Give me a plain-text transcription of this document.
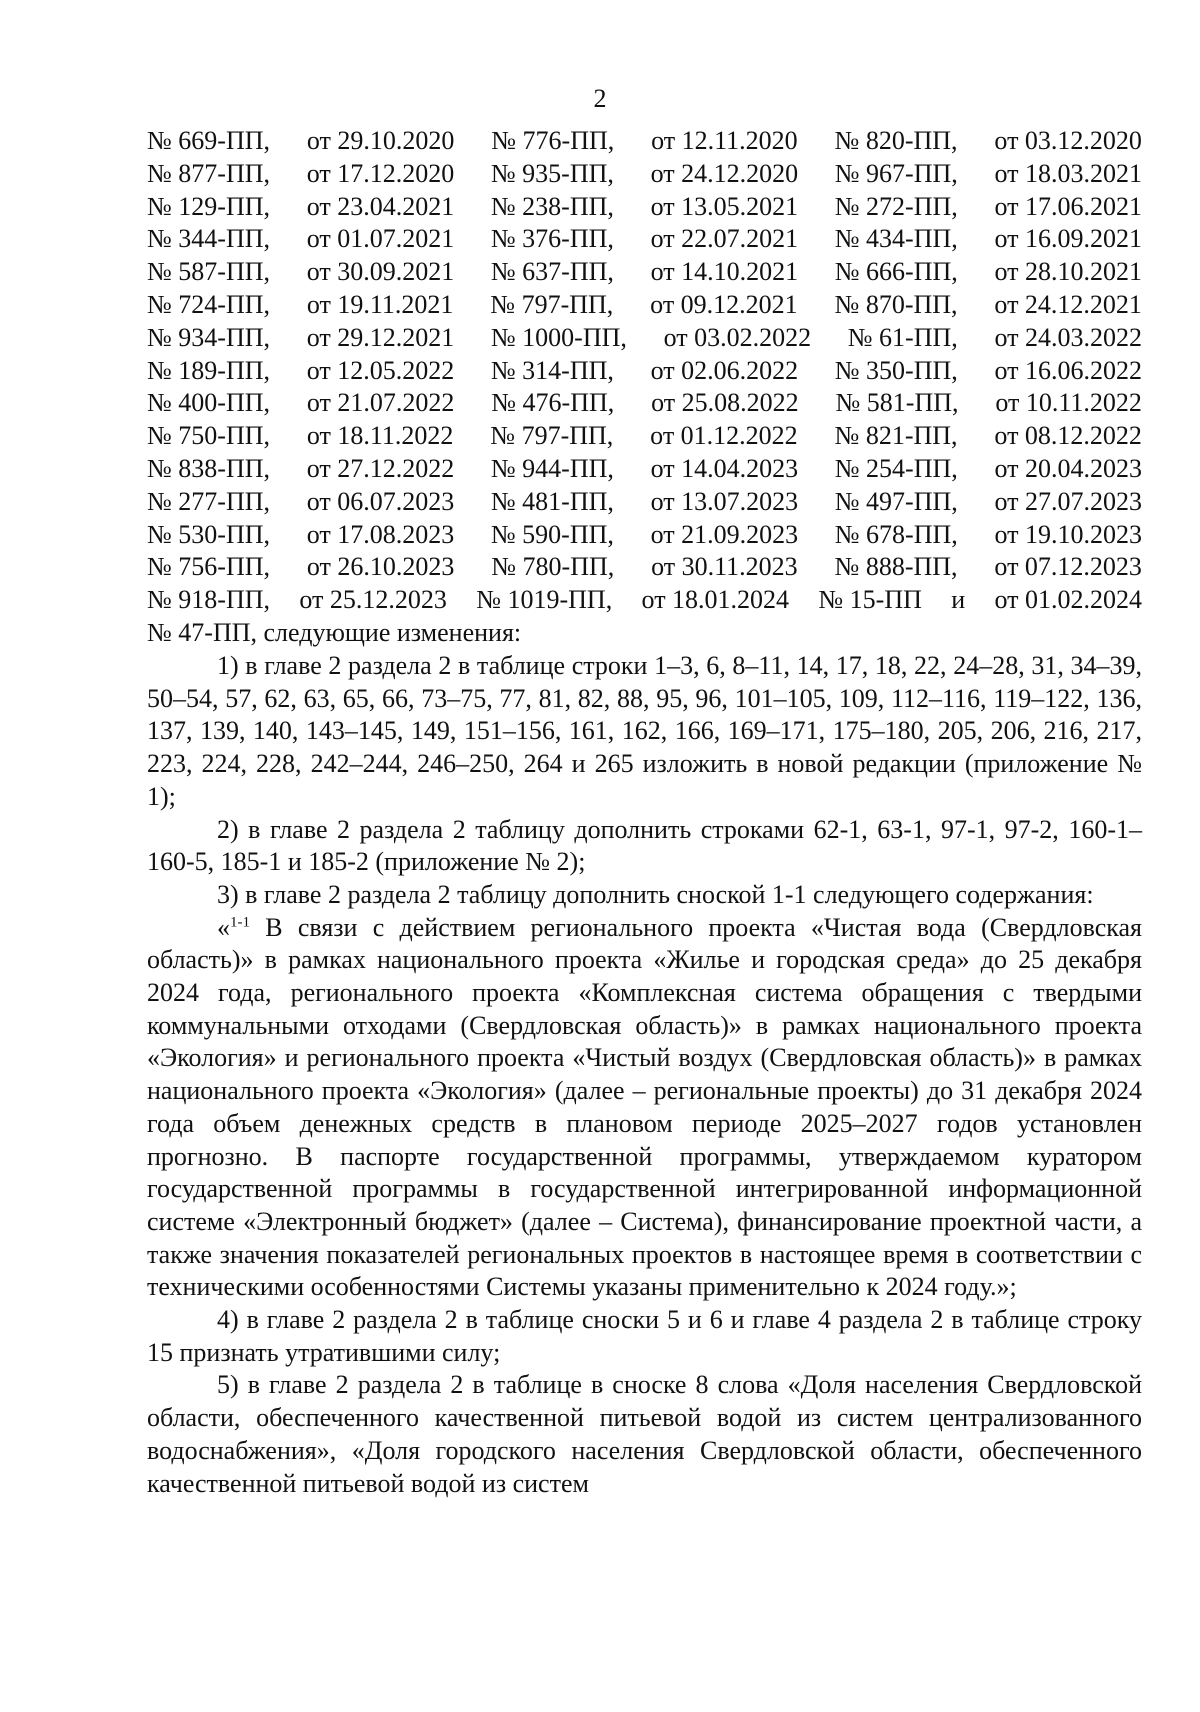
2
№ 669-ПП, от 29.10.2020 № 776-ПП, от 12.11.2020 № 820-ПП, от 03.12.2020
№ 877-ПП, от 17.12.2020 № 935-ПП, от 24.12.2020 № 967-ПП, от 18.03.2021
№ 129-ПП, от 23.04.2021 № 238-ПП, от 13.05.2021 № 272-ПП, от 17.06.2021
№ 344-ПП, от 01.07.2021 № 376-ПП, от 22.07.2021 № 434-ПП, от 16.09.2021
№ 587-ПП, от 30.09.2021 № 637-ПП, от 14.10.2021 № 666-ПП, от 28.10.2021
№ 724-ПП, от 19.11.2021 № 797-ПП, от 09.12.2021 № 870-ПП, от 24.12.2021
№ 934-ПП, от 29.12.2021 № 1000-ПП, от 03.02.2022 № 61-ПП, от 24.03.2022
№ 189-ПП, от 12.05.2022 № 314-ПП, от 02.06.2022 № 350-ПП, от 16.06.2022
№ 400-ПП, от 21.07.2022 № 476-ПП, от 25.08.2022 № 581-ПП, от 10.11.2022
№ 750-ПП, от 18.11.2022 № 797-ПП, от 01.12.2022 № 821-ПП, от 08.12.2022
№ 838-ПП, от 27.12.2022 № 944-ПП, от 14.04.2023 № 254-ПП, от 20.04.2023
№ 277-ПП, от 06.07.2023 № 481-ПП, от 13.07.2023 № 497-ПП, от 27.07.2023
№ 530-ПП, от 17.08.2023 № 590-ПП, от 21.09.2023 № 678-ПП, от 19.10.2023
№ 756-ПП, от 26.10.2023 № 780-ПП, от 30.11.2023 № 888-ПП, от 07.12.2023
№ 918-ПП, от 25.12.2023 № 1019-ПП, от 18.01.2024 № 15-ПП и от 01.02.2024
№ 47-ПП, следующие изменения:

1) в главе 2 раздела 2 в таблице строки 1–3, 6, 8–11, 14, 17, 18, 22, 24–28, 31, 34–39, 50–54, 57, 62, 63, 65, 66, 73–75, 77, 81, 82, 88, 95, 96, 101–105, 109, 112–116, 119–122, 136, 137, 139, 140, 143–145, 149, 151–156, 161, 162, 166, 169–171, 175–180, 205, 206, 216, 217, 223, 224, 228, 242–244, 246–250, 264 и 265 изложить в новой редакции (приложение № 1);

2) в главе 2 раздела 2 таблицу дополнить строками 62-1, 63-1, 97-1, 97-2, 160-1–160-5, 185-1 и 185-2 (приложение № 2);

3) в главе 2 раздела 2 таблицу дополнить сноской 1-1 следующего содержания:

«$^{1-1}$ В связи с действием регионального проекта «Чистая вода (Свердловская область)» в рамках национального проекта «Жилье и городская среда» до 25 декабря 2024 года, регионального проекта «Комплексная система обращения с твердыми коммунальными отходами (Свердловская область)» в рамках национального проекта «Экология» и регионального проекта «Чистый воздух (Свердловская область)» в рамках национального проекта «Экология» (далее – региональные проекты) до 31 декабря 2024 года объем денежных средств в плановом периоде 2025–2027 годов установлен прогнозно. В паспорте государственной программы, утверждаемом куратором государственной программы в государственной интегрированной информационной системе «Электронный бюджет» (далее – Система), финансирование проектной части, а также значения показателей региональных проектов в настоящее время в соответствии с техническими особенностями Системы указаны применительно к 2024 году.»;

4) в главе 2 раздела 2 в таблице сноски 5 и 6 и главе 4 раздела 2 в таблице строку 15 признать утратившими силу;

5) в главе 2 раздела 2 в таблице в сноске 8 слова «Доля населения Свердловской области, обеспеченного качественной питьевой водой из систем централизованного водоснабжения», «Доля городского населения Свердловской области, обеспеченного качественной питьевой водой из систем
